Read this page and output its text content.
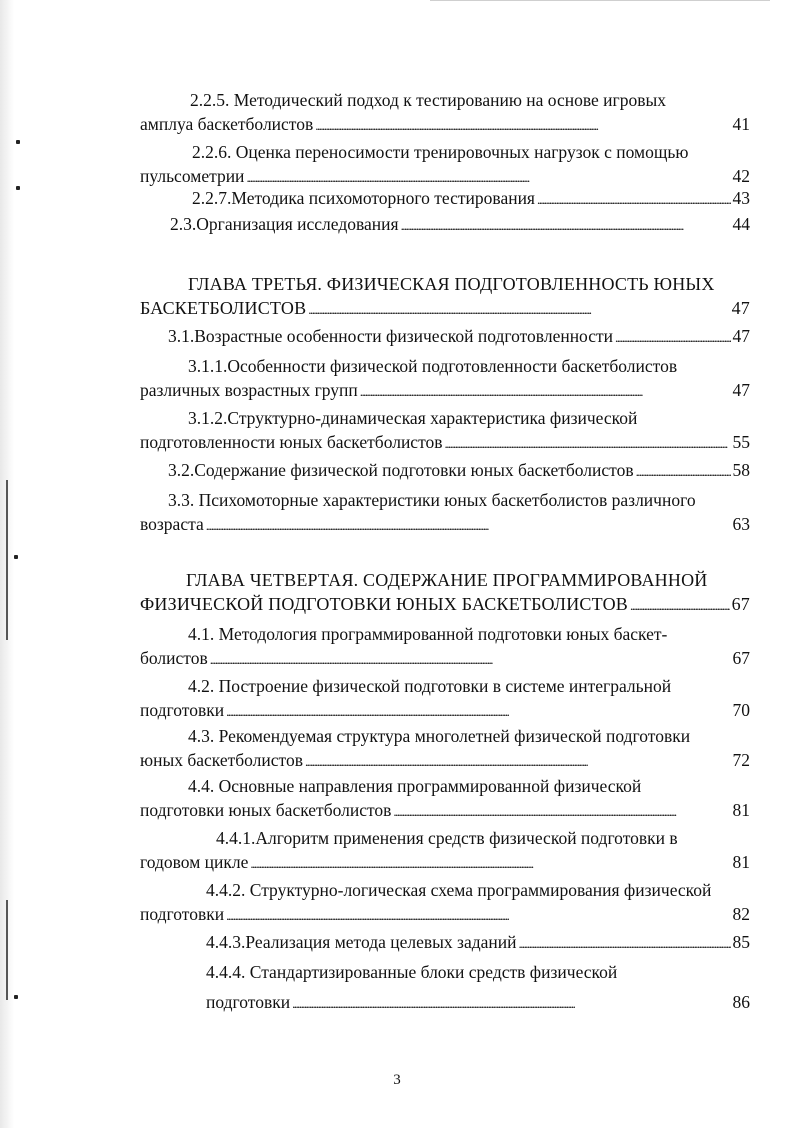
2.2.5. Методический подход к тестированию на основе игровых
амплуа баскетболистов . . .	41
2.2.6. Оценка переносимости тренировочных нагрузок с помощью
пульсометрии . . .	42
2.2.7.Методика психомоторного тестирования . . .	43
2.3.Организация исследования . . .	44
ГЛАВА ТРЕТЬЯ. ФИЗИЧЕСКАЯ ПОДГОТОВЛЕННОСТЬ ЮНЫХ
БАСКЕТБОЛИСТОВ . . .	47
3.1.Возрастные особенности физической подготовленности . . .	47
3.1.1.Особенности физической подготовленности баскетболистов
различных возрастных групп . . .	47
3.1.2.Структурно-динамическая характеристика физической
подготовленности юных баскетболистов . . .	55
3.2.Содержание физической подготовки юных баскетболистов . . .	58
3.3. Психомоторные характеристики юных баскетболистов различного
возраста . . .	63
ГЛАВА ЧЕТВЕРТАЯ. СОДЕРЖАНИЕ ПРОГРАММИРОВАННОЙ
ФИЗИЧЕСКОЙ ПОДГОТОВКИ ЮНЫХ БАСКЕТБОЛИСТОВ . . .	67
4.1. Методология программированной подготовки юных баскет-
болистов . . .	67
4.2. Построение физической подготовки в системе интегральной
подготовки . . .	70
4.3. Рекомендуемая структура многолетней физической подготовки
юных баскетболистов . . .	72
4.4. Основные направления программированной физической
подготовки юных баскетболистов . . .	81
4.4.1.Алгоритм применения средств физической подготовки в
годовом цикле . . .	81
4.4.2. Структурно-логическая схема программирования физической
подготовки . . .	82
4.4.3.Реализация метода целевых заданий . . .	85
4.4.4. Стандартизированные блоки средств физической
подготовки . . .	86
3
